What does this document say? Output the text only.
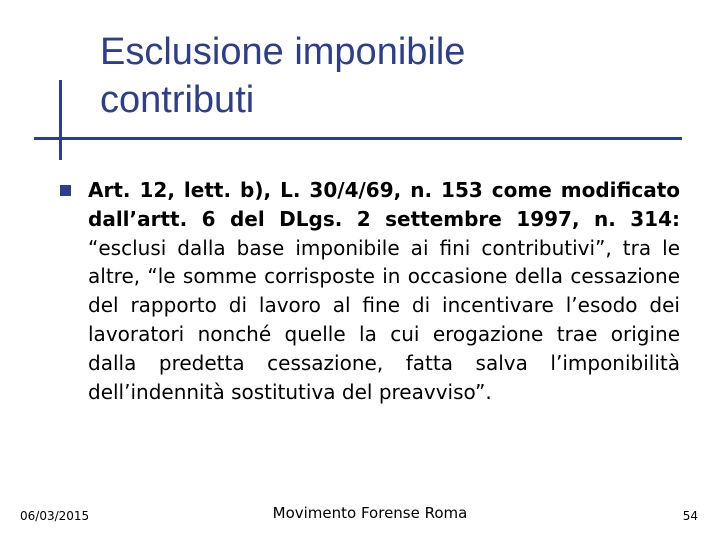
Esclusione imponibile
contributi
Art. 12, lett. b), L. 30/4/69, n. 153 come modificato dall’artt. 6 del DLgs. 2 settembre 1997, n. 314: “esclusi dalla base imponibile ai fini contributivi”, tra le altre, “le somme corrisposte in occasione della cessazione del rapporto di lavoro al fine di incentivare l’esodo dei lavoratori nonché quelle la cui erogazione trae origine dalla predetta cessazione, fatta salva l’imponibilità dell’indennità sostitutiva del preavviso”.
06/03/2015	Movimento Forense Roma	54
